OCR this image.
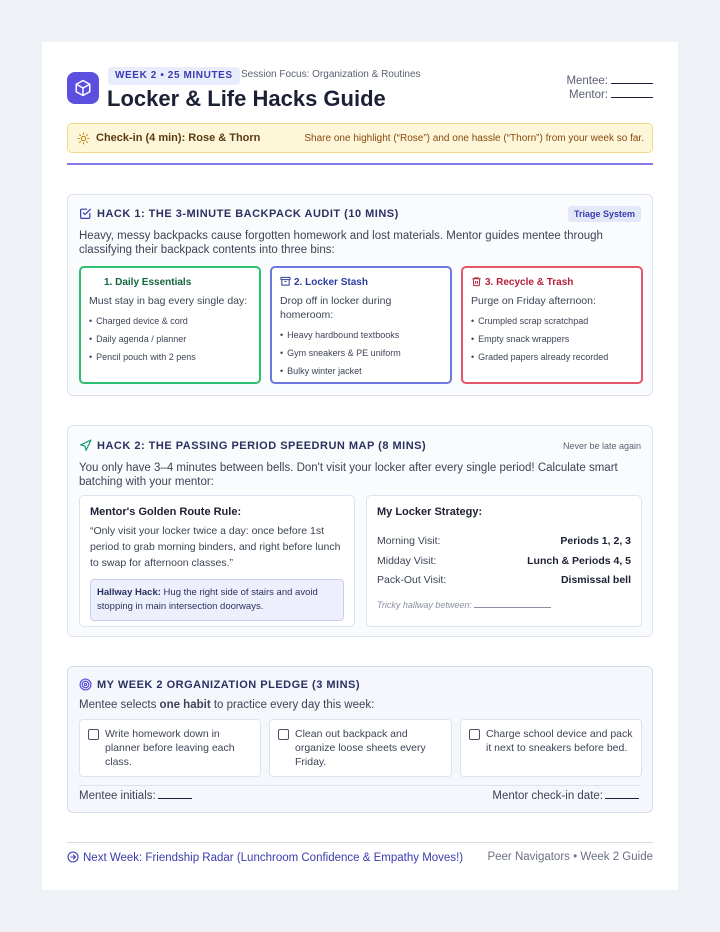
WEEK 2 • 25 MINUTES Session Focus: Organization & Routines
Locker & Life Hacks Guide
Mentee:
Mentor:
Check-in (4 min): Rose & Thorn	Share one highlight (“Rose”) and one hassle (“Thorn”) from your week so far.
HACK 1: THE 3-MINUTE BACKPACK AUDIT (10 MINS)	Triage System
Heavy, messy backpacks cause forgotten homework and lost materials. Mentor guides mentee through classifying their backpack contents into three bins:
1. Daily Essentials
Must stay in bag every single day:
• Charged device & cord
• Daily agenda / planner
• Pencil pouch with 2 pens
2. Locker Stash
Drop off in locker during homeroom:
• Heavy hardbound textbooks
• Gym sneakers & PE uniform
• Bulky winter jacket
3. Recycle & Trash
Purge on Friday afternoon:
• Crumpled scrap scratchpad
• Empty snack wrappers
• Graded papers already recorded
HACK 2: THE PASSING PERIOD SPEEDRUN MAP (8 MINS)	Never be late again
You only have 3–4 minutes between bells. Don't visit your locker after every single period! Calculate smart batching with your mentor:
Mentor's Golden Route Rule:
“Only visit your locker twice a day: once before 1st period to grab morning binders, and right before lunch to swap for afternoon classes.”
Hallway Hack: Hug the right side of stairs and avoid stopping in main intersection doorways.
My Locker Strategy:
Morning Visit:	Periods 1, 2, 3
Midday Visit:	Lunch & Periods 4, 5
Pack-Out Visit:	Dismissal bell
Tricky hallway between:
MY WEEK 2 ORGANIZATION PLEDGE (3 MINS)
Mentee selects one habit to practice every day this week:
Write homework down in planner before leaving each class.
Clean out backpack and organize loose sheets every Friday.
Charge school device and pack it next to sneakers before bed.
Mentee initials:	Mentor check-in date:
Next Week: Friendship Radar (Lunchroom Confidence & Empathy Moves!) Peer Navigators • Week 2 Guide
